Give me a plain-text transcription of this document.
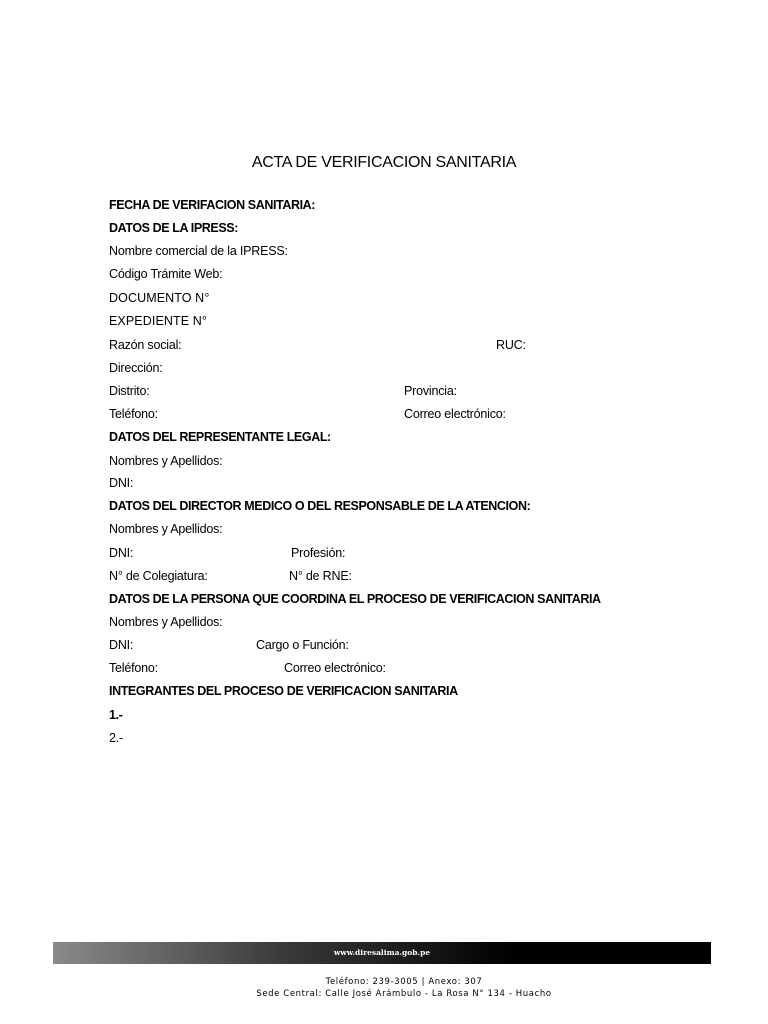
ACTA DE VERIFICACION SANITARIA
FECHA DE VERIFACION SANITARIA:
DATOS DE LA IPRESS:
Nombre comercial de la IPRESS:
Código Trámite Web:
DOCUMENTO N°
EXPEDIENTE N°
Razón social:	RUC:
Dirección:
Distrito:	Provincia:
Teléfono:	Correo electrónico:
DATOS DEL REPRESENTANTE LEGAL:
Nombres y Apellidos:
DNI:
DATOS DEL DIRECTOR MEDICO O DEL RESPONSABLE DE LA ATENCION:
Nombres y Apellidos:
DNI:	Profesión:
N° de Colegiatura:	N° de RNE:
DATOS DE LA PERSONA QUE COORDINA EL PROCESO DE VERIFICACION SANITARIA
Nombres y Apellidos:
DNI:	Cargo o Función:
Teléfono:	Correo electrónico:
INTEGRANTES DEL PROCESO DE VERIFICACION SANITARIA
1.-
2.-
www.diresalima.gob.pe
Teléfono: 239-3005 | Anexo: 307
Sede Central: Calle José Arámbulo - La Rosa N° 134 - Huacho
